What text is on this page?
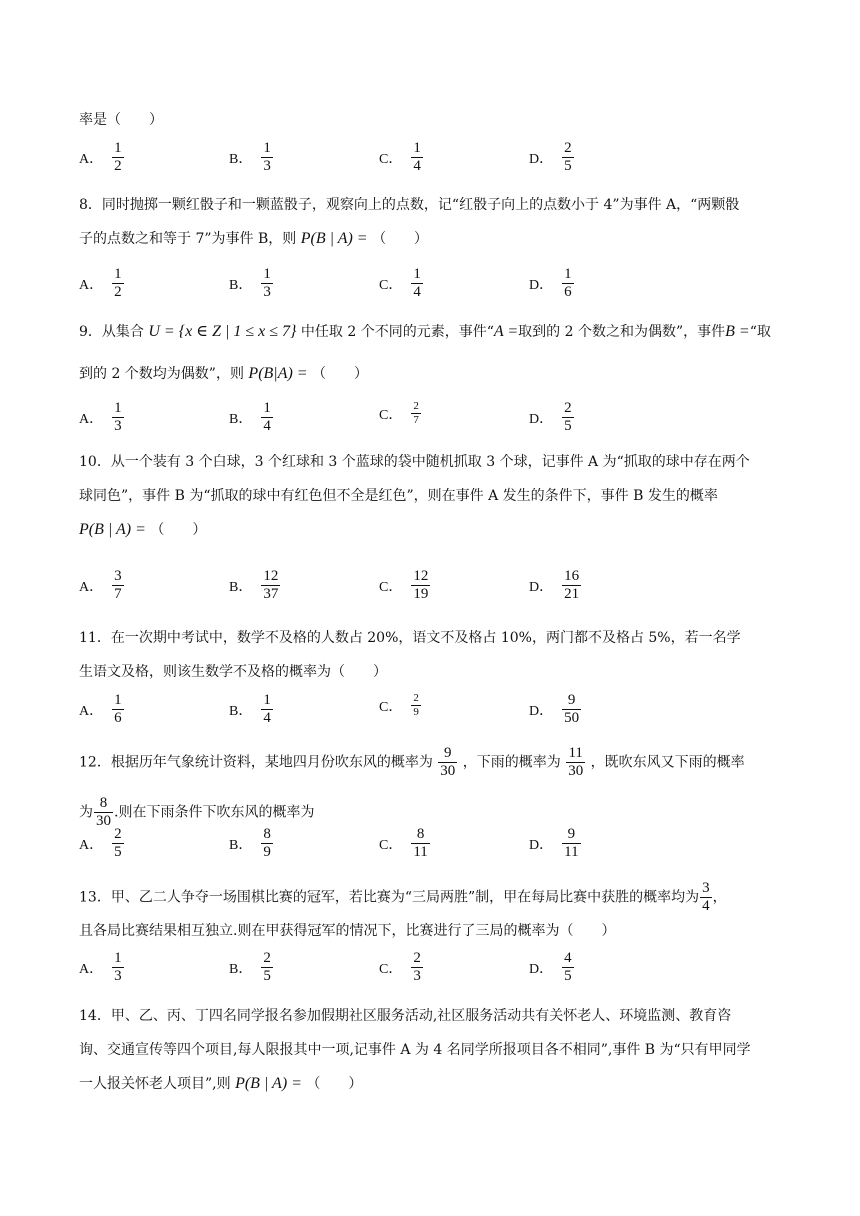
率是（　　）
A． $\frac{1}{2}$	B． $\frac{1}{3}$	C． $\frac{1}{4}$	D． $\frac{2}{5}$
8．同时抛掷一颗红骰子和一颗蓝骰子，观察向上的点数，记“红骰子向上的点数小于 4”为事件 A，“两颗骰
子的点数之和等于 7”为事件 B，则 P(B | A) = （　　）
A． $\frac{1}{2}$	B． $\frac{1}{3}$	C． $\frac{1}{4}$	D． $\frac{1}{6}$
9．从集合 U = {x ∈ Z | 1 ≤ x ≤ 7} 中任取 2 个不同的元素，事件“A =取到的 2 个数之和为偶数”，事件B =“取
到的 2 个数均为偶数”，则 P(B|A) = （　　）
A． $\frac{1}{3}$	B． $\frac{1}{4}$	C． $\frac{2}{7}$	D． $\frac{2}{5}$
10．从一个装有 3 个白球，3 个红球和 3 个蓝球的袋中随机抓取 3 个球，记事件 A 为“抓取的球中存在两个
球同色”，事件 B 为“抓取的球中有红色但不全是红色”，则在事件 A 发生的条件下，事件 B 发生的概率
P(B | A) = （　　）
A． $\frac{3}{7}$	B． $\frac{12}{37}$	C． $\frac{12}{19}$	D． $\frac{16}{21}$
11．在一次期中考试中，数学不及格的人数占 20%，语文不及格占 10%，两门都不及格占 5%，若一名学
生语文及格，则该生数学不及格的概率为（　　）
A． $\frac{1}{6}$	B． $\frac{1}{4}$	C． $\frac{2}{9}$	D． $\frac{9}{50}$
12．根据历年气象统计资料，某地四月份吹东风的概率为 $\frac{9}{30}$ ，下雨的概率为 $\frac{11}{30}$ ，既吹东风又下雨的概率
为 $\frac{8}{30}$ .则在下雨条件下吹东风的概率为
A． $\frac{2}{5}$	B． $\frac{8}{9}$	C． $\frac{8}{11}$	D． $\frac{9}{11}$
13．甲、乙二人争夺一场围棋比赛的冠军，若比赛为“三局两胜”制，甲在每局比赛中获胜的概率均为 $\frac{3}{4}$ ，
且各局比赛结果相互独立.则在甲获得冠军的情况下，比赛进行了三局的概率为（　　）
A． $\frac{1}{3}$	B． $\frac{2}{5}$	C． $\frac{2}{3}$	D． $\frac{4}{5}$
14．甲、乙、丙、丁四名同学报名参加假期社区服务活动,社区服务活动共有关怀老人、环境监测、教育咨
询、交通宣传等四个项目,每人限报其中一项,记事件 A 为 4 名同学所报项目各不相同”,事件 B 为“只有甲同学
一人报关怀老人项目”,则 P(B | A) = （　　）
